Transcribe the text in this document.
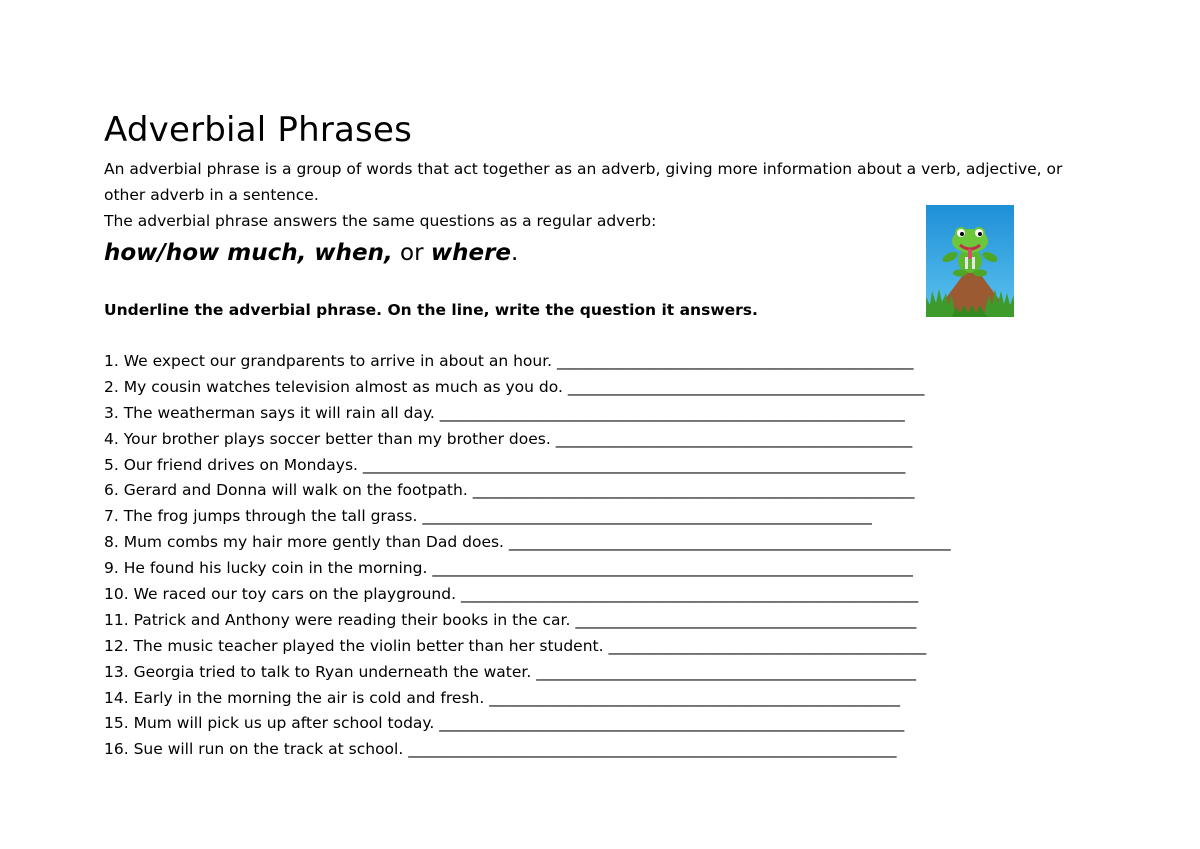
Adverbial Phrases

An adverbial phrase is a group of words that act together as an adverb, giving more information about a verb, adjective, or other adverb in a sentence.

The adverbial phrase answers the same questions as a regular adverb:

how/how much, when, or where.
Underline the adverbial phrase. On the line, write the question it answers.
1. We expect our grandparents to arrive in about an hour. ______________________________________________
2. My cousin watches television almost as much as you do. ______________________________________________
3. The weatherman says it will rain all day. ____________________________________________________________
4. Your brother plays soccer better than my brother does. ______________________________________________
5. Our friend drives on Mondays. ______________________________________________________________________
6. Gerard and Donna will walk on the footpath. _________________________________________________________
7. The frog jumps through the tall grass. __________________________________________________________
8. Mum combs my hair more gently than Dad does. _________________________________________________________
9. He found his lucky coin in the morning. ______________________________________________________________
10. We raced our toy cars on the playground. ___________________________________________________________
11. Patrick and Anthony were reading their books in the car. ____________________________________________
12. The music teacher played the violin better than her student. _________________________________________
13. Georgia tried to talk to Ryan underneath the water. _________________________________________________
14. Early in the morning the air is cold and fresh. _____________________________________________________
15. Mum will pick us up after school today. ____________________________________________________________
16. Sue will run on the track at school. _______________________________________________________________
